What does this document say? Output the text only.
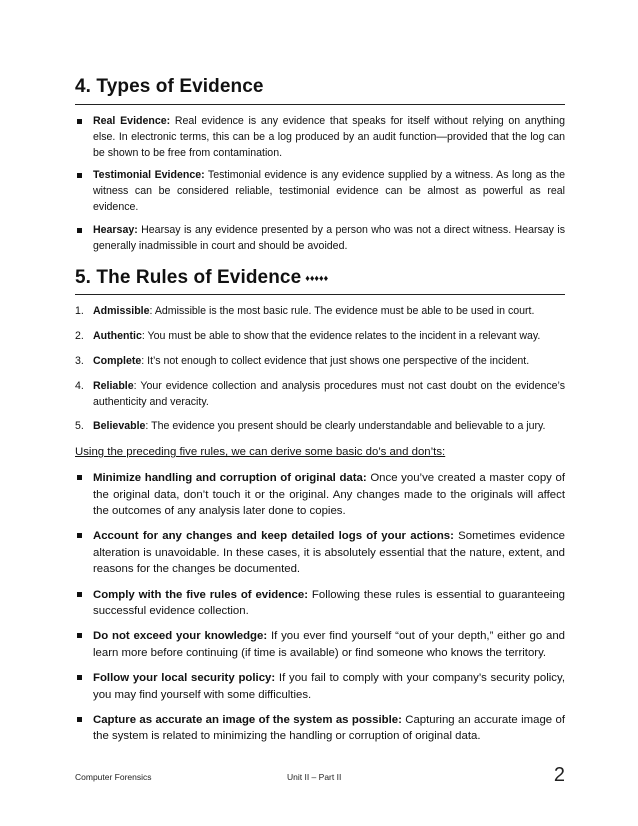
4. Types of Evidence
Real Evidence: Real evidence is any evidence that speaks for itself without relying on anything else. In electronic terms, this can be a log produced by an audit function—provided that the log can be shown to be free from contamination.
Testimonial Evidence: Testimonial evidence is any evidence supplied by a witness. As long as the witness can be considered reliable, testimonial evidence can be almost as powerful as real evidence.
Hearsay: Hearsay is any evidence presented by a person who was not a direct witness. Hearsay is generally inadmissible in court and should be avoided.
5. The Rules of Evidence ♦♦♦♦♦
1. Admissible: Admissible is the most basic rule. The evidence must be able to be used in court.
2. Authentic: You must be able to show that the evidence relates to the incident in a relevant way.
3. Complete: It’s not enough to collect evidence that just shows one perspective of the incident.
4. Reliable: Your evidence collection and analysis procedures must not cast doubt on the evidence’s authenticity and veracity.
5. Believable: The evidence you present should be clearly understandable and believable to a jury.

Using the preceding five rules, we can derive some basic do’s and don’ts:

Minimize handling and corruption of original data: Once you’ve created a master copy of the original data, don’t touch it or the original. Any changes made to the originals will affect the outcomes of any analysis later done to copies.
Account for any changes and keep detailed logs of your actions: Sometimes evidence alteration is unavoidable. In these cases, it is absolutely essential that the nature, extent, and reasons for the changes be documented.
Comply with the five rules of evidence: Following these rules is essential to guaranteeing successful evidence collection.
Do not exceed your knowledge: If you ever find yourself “out of your depth,” either go and learn more before continuing (if time is available) or find someone who knows the territory.
Follow your local security policy: If you fail to comply with your company’s security policy, you may find yourself with some difficulties.
Capture as accurate an image of the system as possible: Capturing an accurate image of the system is related to minimizing the handling or corruption of original data.
Computer Forensics	Unit II – Part II	2
